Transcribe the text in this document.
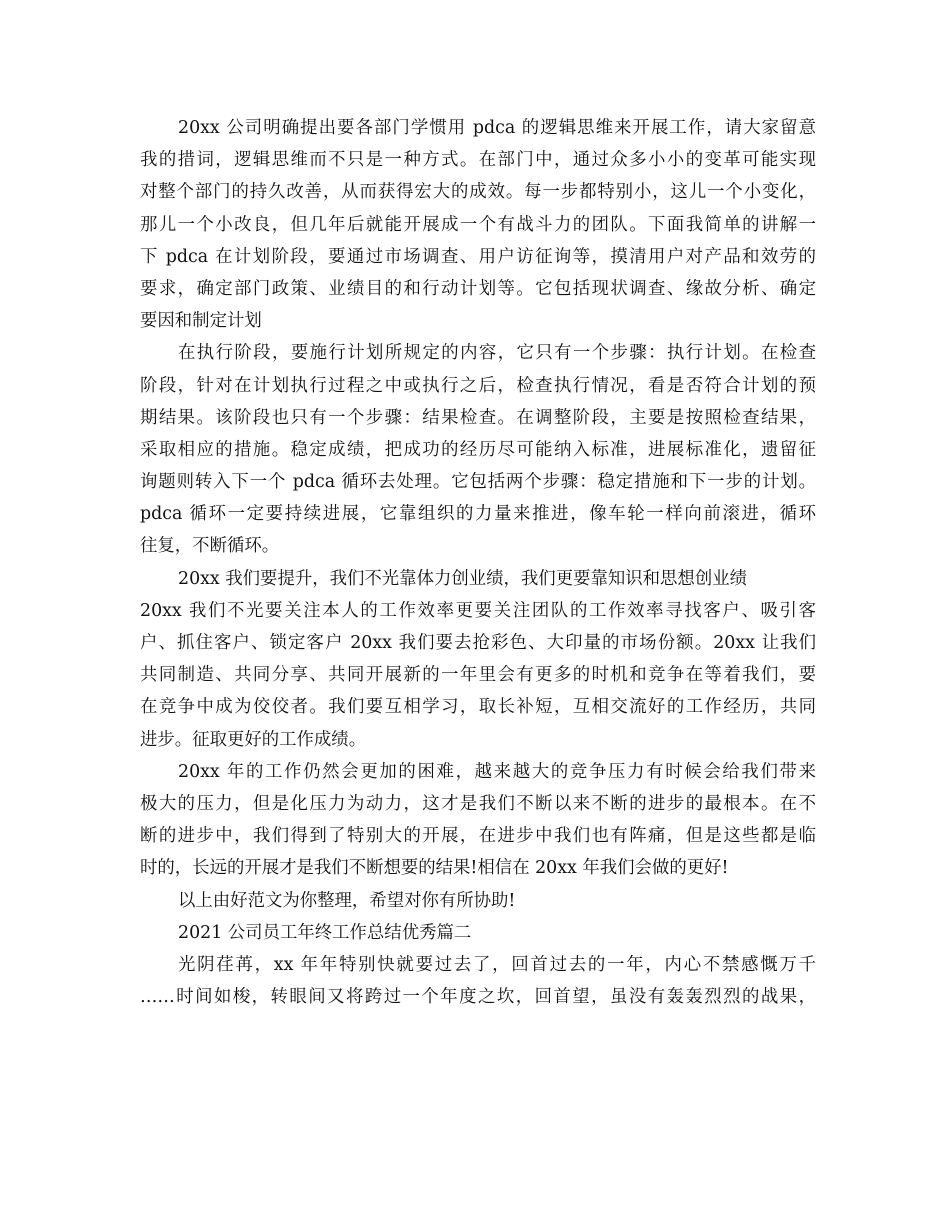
20xx 公司明确提出要各部门学惯用 pdca 的逻辑思维来开展工作，请大家留意
我的措词，逻辑思维而不只是一种方式。在部门中，通过众多小小的变革可能实现
对整个部门的持久改善，从而获得宏大的成效。每一步都特别小，这儿一个小变化，
那儿一个小改良，但几年后就能开展成一个有战斗力的团队。下面我简单的讲解一
下 pdca 在计划阶段，要通过市场调查、用户访征询等，摸清用户对产品和效劳的
要求，确定部门政策、业绩目的和行动计划等。它包括现状调查、缘故分析、确定
要因和制定计划
在执行阶段，要施行计划所规定的内容，它只有一个步骤：执行计划。在检查
阶段，针对在计划执行过程之中或执行之后，检查执行情况，看是否符合计划的预
期结果。该阶段也只有一个步骤：结果检查。在调整阶段，主要是按照检查结果，
采取相应的措施。稳定成绩，把成功的经历尽可能纳入标准，进展标准化，遗留征
询题则转入下一个 pdca 循环去处理。它包括两个步骤：稳定措施和下一步的计划。
pdca 循环一定要持续进展，它靠组织的力量来推进，像车轮一样向前滚进，循环
往复，不断循环。
20xx 我们要提升，我们不光靠体力创业绩，我们更要靠知识和思想创业绩
20xx 我们不光要关注本人的工作效率更要关注团队的工作效率寻找客户、吸引客
户、抓住客户、锁定客户 20xx 我们要去抢彩色、大印量的市场份额。20xx 让我们
共同制造、共同分享、共同开展新的一年里会有更多的时机和竞争在等着我们，要
在竞争中成为佼佼者。我们要互相学习，取长补短，互相交流好的工作经历，共同
进步。征取更好的工作成绩。
20xx 年的工作仍然会更加的困难，越来越大的竞争压力有时候会给我们带来
极大的压力，但是化压力为动力，这才是我们不断以来不断的进步的最根本。在不
断的进步中，我们得到了特别大的开展，在进步中我们也有阵痛，但是这些都是临
时的，长远的开展才是我们不断想要的结果!相信在 20xx 年我们会做的更好!
以上由好范文为你整理，希望对你有所协助!
2021 公司员工年终工作总结优秀篇二
光阴荏苒，xx 年年特别快就要过去了，回首过去的一年，内心不禁感慨万千
……时间如梭，转眼间又将跨过一个年度之坎，回首望，虽没有轰轰烈烈的战果，
